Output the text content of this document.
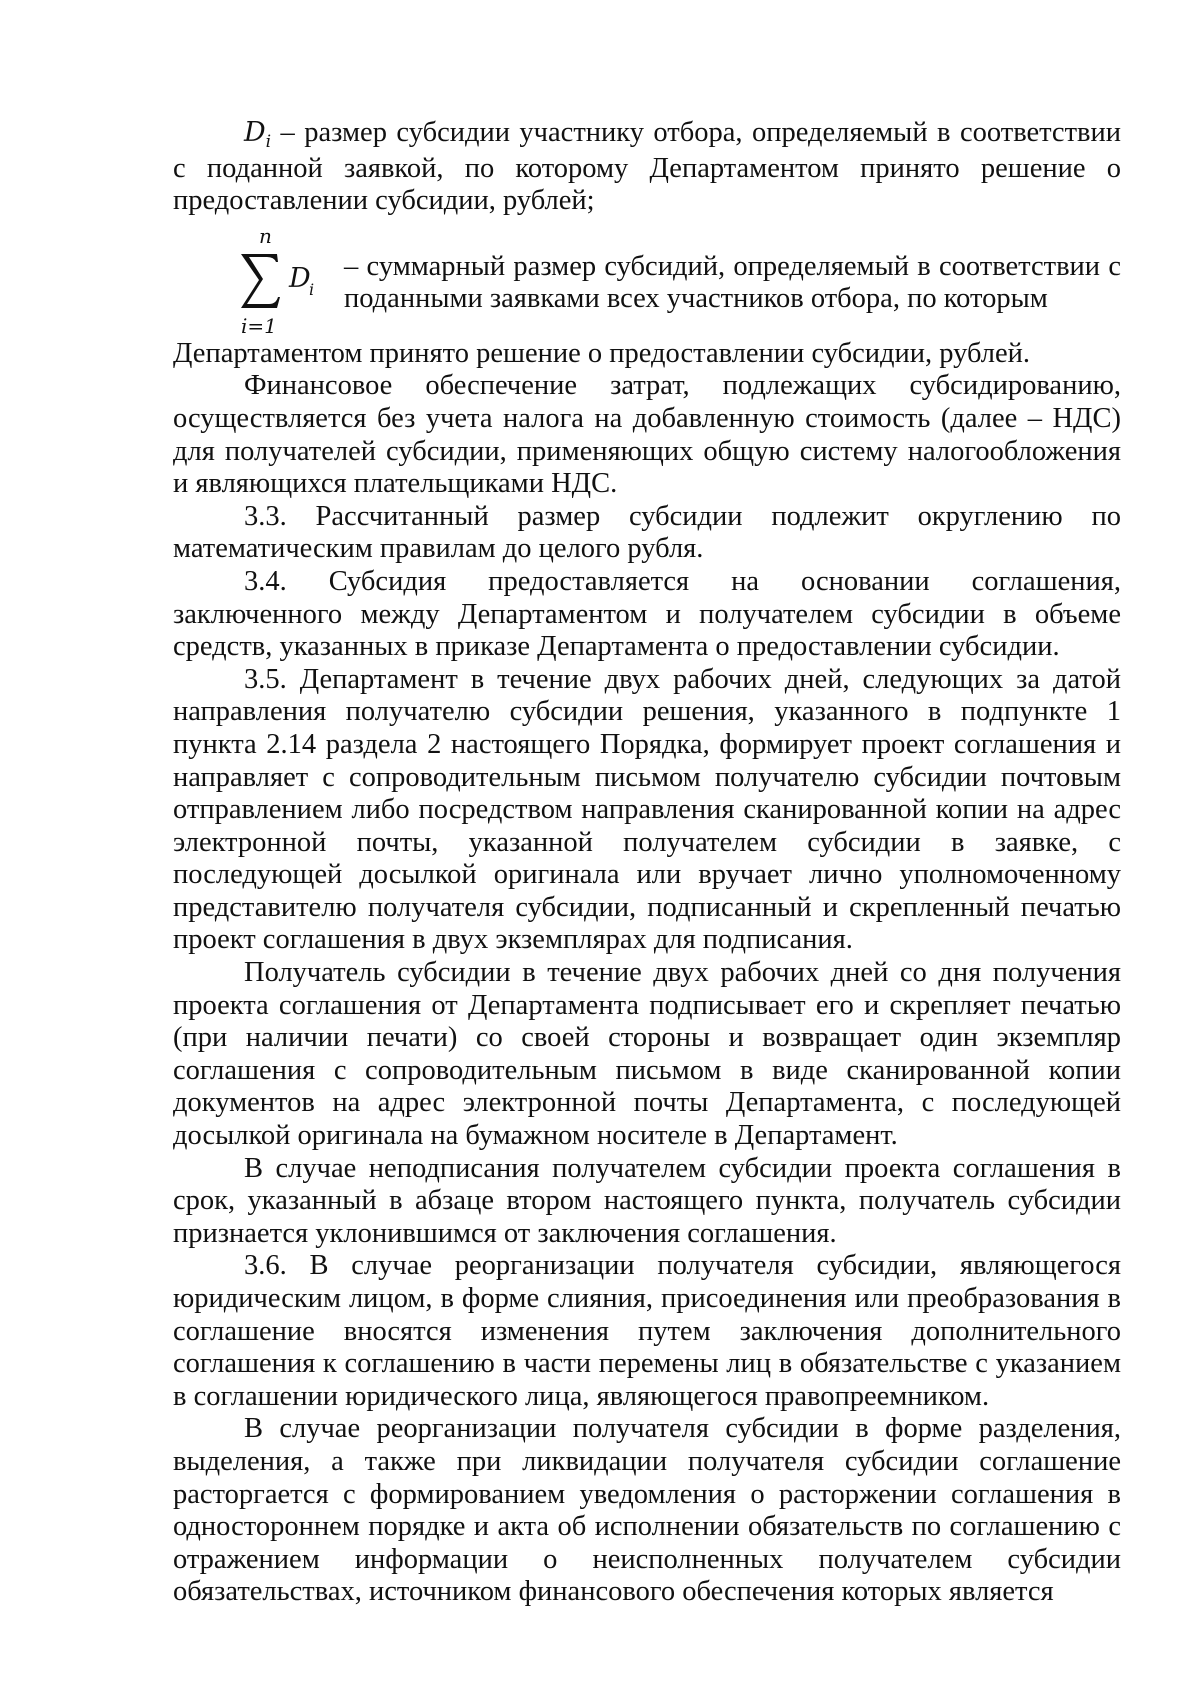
$D_i$ – размер субсидии участнику отбора, определяемый в соответствии с поданной заявкой, по которому Департаментом принято решение о предоставлении субсидии, рублей;

n
D
i
i=1

– суммарный размер субсидий, определяемый в соответствии с поданными заявками всех участников отбора, по которым

Департаментом принято решение о предоставлении субсидии, рублей.

Финансовое обеспечение затрат, подлежащих субсидированию, осуществляется без учета налога на добавленную стоимость (далее – НДС) для получателей субсидии, применяющих общую систему налогообложения и являющихся плательщиками НДС.

3.3. Рассчитанный размер субсидии подлежит округлению по математическим правилам до целого рубля.

3.4. Субсидия предоставляется на основании соглашения, заключенного между Департаментом и получателем субсидии в объеме средств, указанных в приказе Департамента о предоставлении субсидии.

3.5. Департамент в течение двух рабочих дней, следующих за датой направления получателю субсидии решения, указанного в подпункте 1 пункта 2.14 раздела 2 настоящего Порядка, формирует проект соглашения и направляет с сопроводительным письмом получателю субсидии почтовым отправлением либо посредством направления сканированной копии на адрес электронной почты, указанной получателем субсидии в заявке, с последующей досылкой оригинала или вручает лично уполномоченному представителю получателя субсидии, подписанный и скрепленный печатью проект соглашения в двух экземплярах для подписания.

Получатель субсидии в течение двух рабочих дней со дня получения проекта соглашения от Департамента подписывает его и скрепляет печатью (при наличии печати) со своей стороны и возвращает один экземпляр соглашения с сопроводительным письмом в виде сканированной копии документов на адрес электронной почты Департамента, с последующей досылкой оригинала на бумажном носителе в Департамент.

В случае неподписания получателем субсидии проекта соглашения в срок, указанный в абзаце втором настоящего пункта, получатель субсидии признается уклонившимся от заключения соглашения.

3.6. В случае реорганизации получателя субсидии, являющегося юридическим лицом, в форме слияния, присоединения или преобразования в соглашение вносятся изменения путем заключения дополнительного соглашения к соглашению в части перемены лиц в обязательстве с указанием в соглашении юридического лица, являющегося правопреемником.

В случае реорганизации получателя субсидии в форме разделения, выделения, а также при ликвидации получателя субсидии соглашение расторгается с формированием уведомления о расторжении соглашения в одностороннем порядке и акта об исполнении обязательств по соглашению с отражением информации о неисполненных получателем субсидии обязательствах, источником финансового обеспечения которых является
